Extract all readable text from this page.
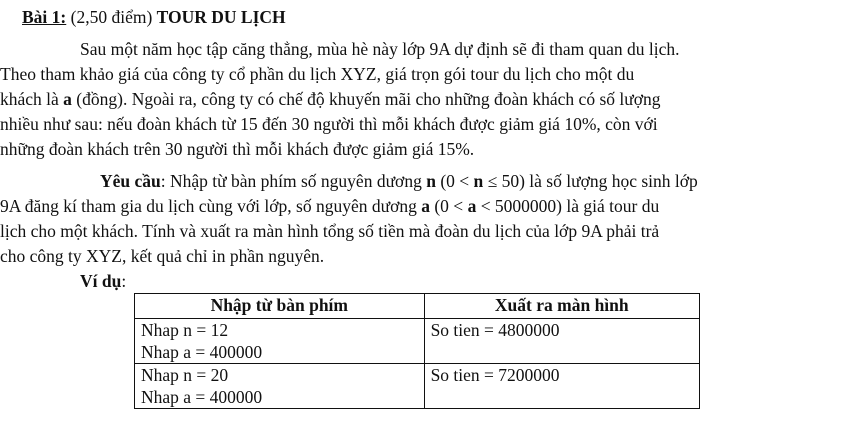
Bài 1: (2,50 điểm) TOUR DU LỊCH
Sau một năm học tập căng thẳng, mùa hè này lớp 9A dự định sẽ đi tham quan du lịch.
Theo tham khảo giá của công ty cổ phần du lịch XYZ, giá trọn gói tour du lịch cho một du
khách là a (đồng). Ngoài ra, công ty có chế độ khuyến mãi cho những đoàn khách có số lượng
nhiều như sau: nếu đoàn khách từ 15 đến 30 người thì mỗi khách được giảm giá 10%, còn với
những đoàn khách trên 30 người thì mỗi khách được giảm giá 15%.
Yêu cầu: Nhập từ bàn phím số nguyên dương n (0 < n ≤ 50) là số lượng học sinh lớp
9A đăng kí tham gia du lịch cùng với lớp, số nguyên dương a (0 < a < 5000000) là giá tour du
lịch cho một khách. Tính và xuất ra màn hình tổng số tiền mà đoàn du lịch của lớp 9A phải trả
cho công ty XYZ, kết quả chỉ in phần nguyên.
Ví dụ:
Nhập từ bàn phím	Xuất ra màn hình

Nhap n = 12
Nhap a = 400000	So tien = 4800000

Nhap n = 20
Nhap a = 400000	So tien = 7200000
